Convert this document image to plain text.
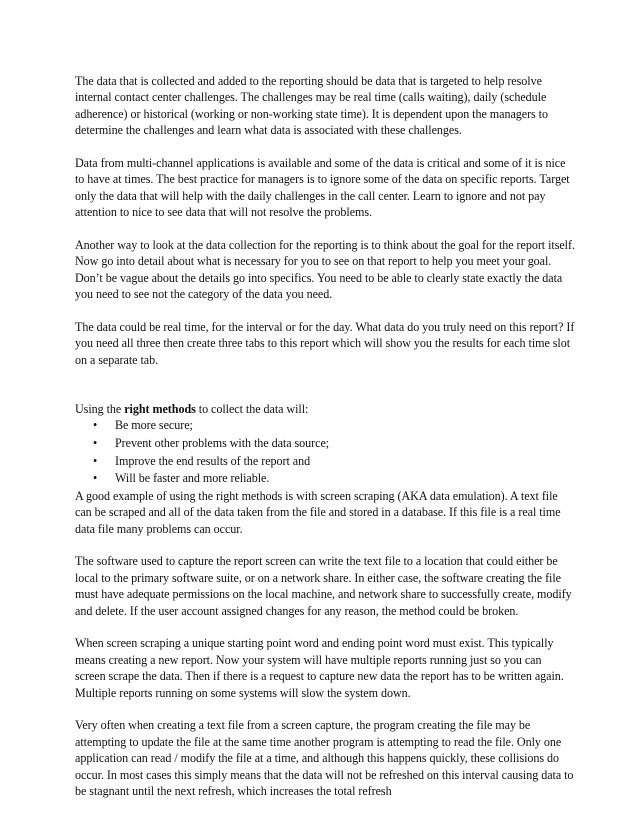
The data that is collected and added to the reporting should be data that is targeted to help resolve internal contact center challenges. The challenges may be real time (calls waiting), daily (schedule adherence) or historical (working or non-working state time). It is dependent upon the managers to determine the challenges and learn what data is associated with these challenges.

Data from multi-channel applications is available and some of the data is critical and some of it is nice to have at times. The best practice for managers is to ignore some of the data on specific reports. Target only the data that will help with the daily challenges in the call center. Learn to ignore and not pay attention to nice to see data that will not resolve the problems.

Another way to look at the data collection for the reporting is to think about the goal for the report itself. Now go into detail about what is necessary for you to see on that report to help you meet your goal. Don’t be vague about the details go into specifics. You need to be able to clearly state exactly the data you need to see not the category of the data you need.

The data could be real time, for the interval or for the day. What data do you truly need on this report? If you need all three then create three tabs to this report which will show you the results for each time slot on a separate tab.

Using the right methods to collect the data will:

• Be more secure;
• Prevent other problems with the data source;
• Improve the end results of the report and
• Will be faster and more reliable.

A good example of using the right methods is with screen scraping (AKA data emulation). A text file can be scraped and all of the data taken from the file and stored in a database. If this file is a real time data file many problems can occur.

The software used to capture the report screen can write the text file to a location that could either be local to the primary software suite, or on a network share. In either case, the software creating the file must have adequate permissions on the local machine, and network share to successfully create, modify and delete. If the user account assigned changes for any reason, the method could be broken.

When screen scraping a unique starting point word and ending point word must exist. This typically means creating a new report. Now your system will have multiple reports running just so you can screen scrape the data. Then if there is a request to capture new data the report has to be written again. Multiple reports running on some systems will slow the system down.

Very often when creating a text file from a screen capture, the program creating the file may be attempting to update the file at the same time another program is attempting to read the file. Only one application can read / modify the file at a time, and although this happens quickly, these collisions do occur. In most cases this simply means that the data will not be refreshed on this interval causing data to be stagnant until the next refresh, which increases the total refresh
